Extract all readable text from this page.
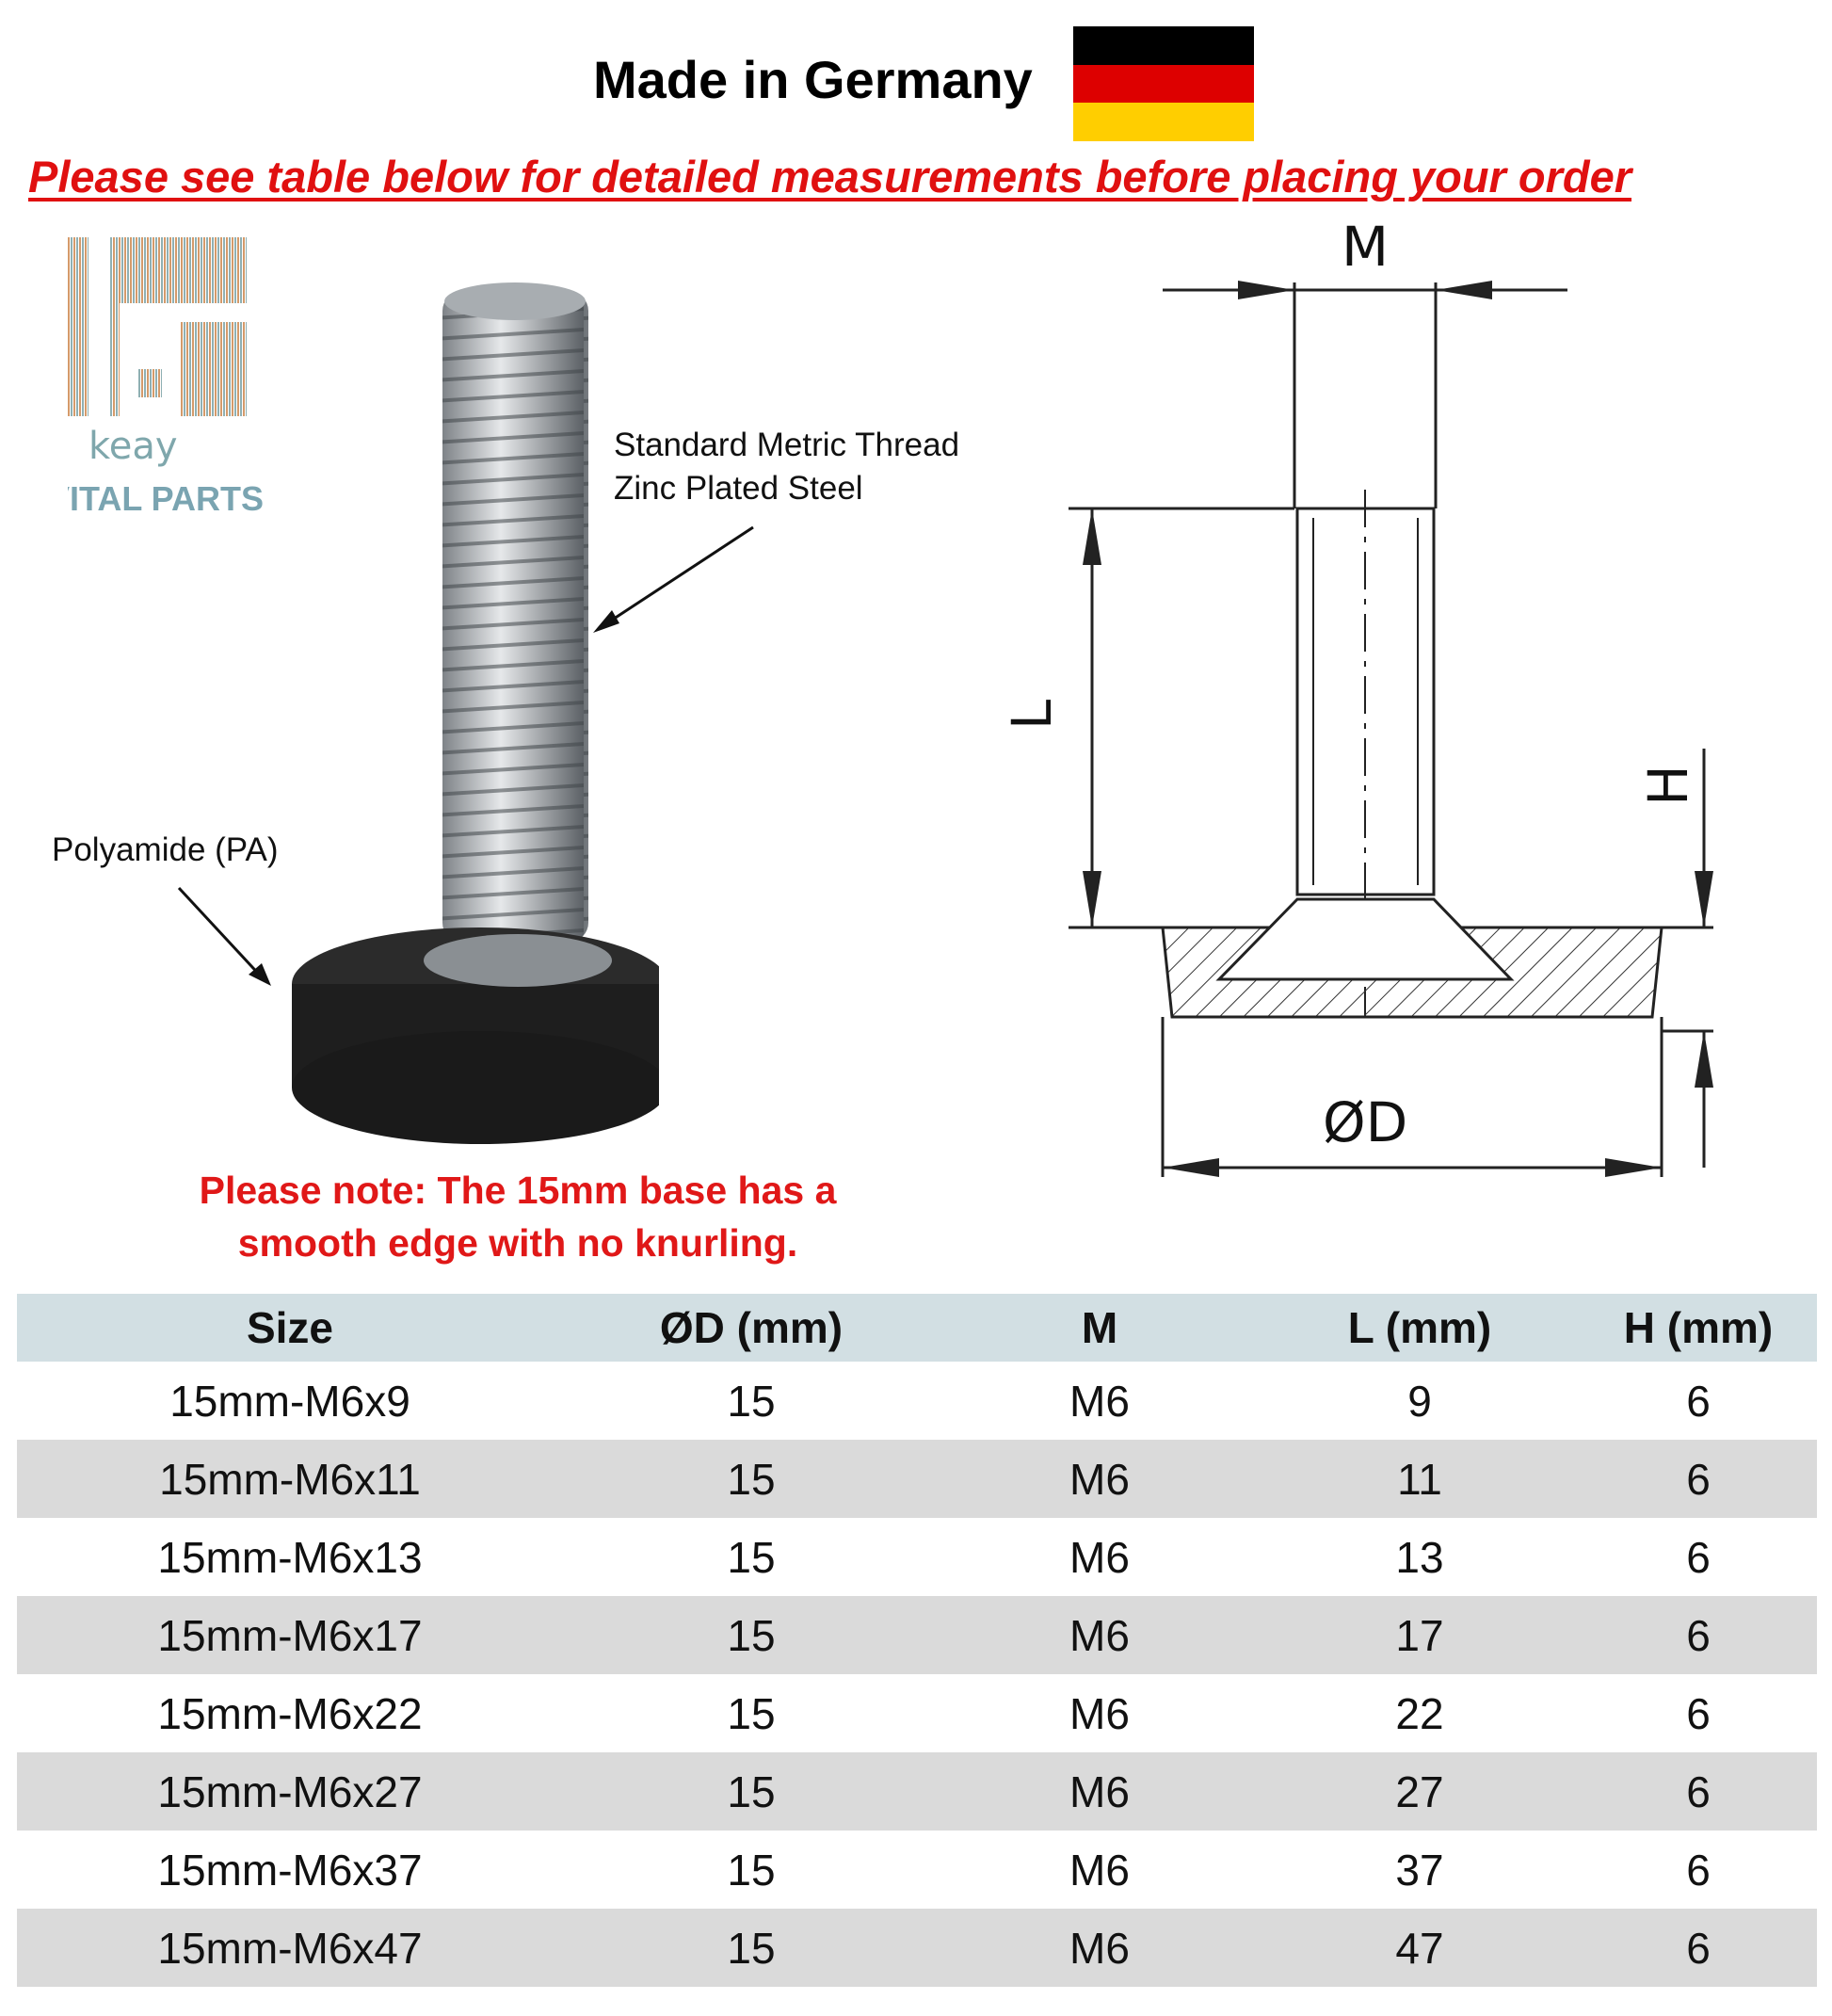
Made in Germany
Please see table below for detailed measurements before placing your order
keay
VITAL PARTS
Standard Metric Thread
Zinc Plated Steel
Polyamide (PA)
M
L
H
ØD
Please note: The 15mm base has a
smooth edge with no knurling.
Size	ØD (mm)	M	L (mm)	H (mm)
15mm-M6x9	15	M6	9	6
15mm-M6x11	15	M6	11	6
15mm-M6x13	15	M6	13	6
15mm-M6x17	15	M6	17	6
15mm-M6x22	15	M6	22	6
15mm-M6x27	15	M6	27	6
15mm-M6x37	15	M6	37	6
15mm-M6x47	15	M6	47	6
